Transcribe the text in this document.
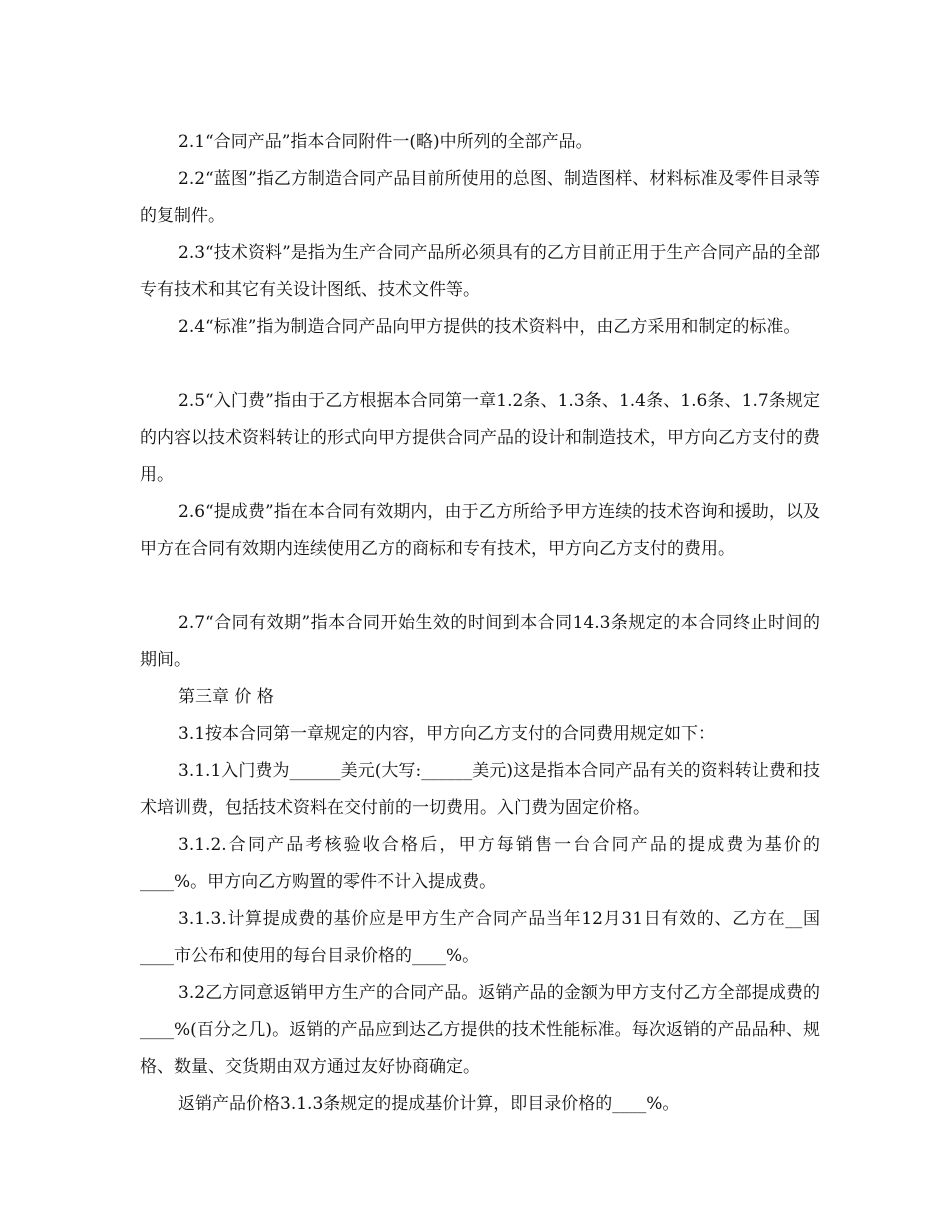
2.1“合同产品”指本合同附件一(略)中所列的全部产品。

2.2“蓝图”指乙方制造合同产品目前所使用的总图、制造图样、材料标准及零件目录等的复制件。

2.3“技术资料”是指为生产合同产品所必须具有的乙方目前正用于生产合同产品的全部专有技术和其它有关设计图纸、技术文件等。

2.4“标准”指为制造合同产品向甲方提供的技术资料中，由乙方采用和制定的标准。

2.5“入门费”指由于乙方根据本合同第一章1.2条、1.3条、1.4条、1.6条、1.7条规定的内容以技术资料转让的形式向甲方提供合同产品的设计和制造技术，甲方向乙方支付的费用。

2.6“提成费”指在本合同有效期内，由于乙方所给予甲方连续的技术咨询和援助，以及甲方在合同有效期内连续使用乙方的商标和专有技术，甲方向乙方支付的费用。

2.7“合同有效期”指本合同开始生效的时间到本合同14.3条规定的本合同终止时间的期间。

第三章 价 格

3.1按本合同第一章规定的内容，甲方向乙方支付的合同费用规定如下：

3.1.1入门费为______美元(大写:______美元)这是指本合同产品有关的资料转让费和技术培训费，包括技术资料在交付前的一切费用。入门费为固定价格。

3.1.2.合同产品考核验收合格后，甲方每销售一台合同产品的提成费为基价的____%。甲方向乙方购置的零件不计入提成费。

3.1.3.计算提成费的基价应是甲方生产合同产品当年12月31日有效的、乙方在__国____市公布和使用的每台目录价格的____%。

3.2乙方同意返销甲方生产的合同产品。返销产品的金额为甲方支付乙方全部提成费的____%(百分之几)。返销的产品应到达乙方提供的技术性能标准。每次返销的产品品种、规格、数量、交货期由双方通过友好协商确定。

返销产品价格3.1.3条规定的提成基价计算，即目录价格的____%。
